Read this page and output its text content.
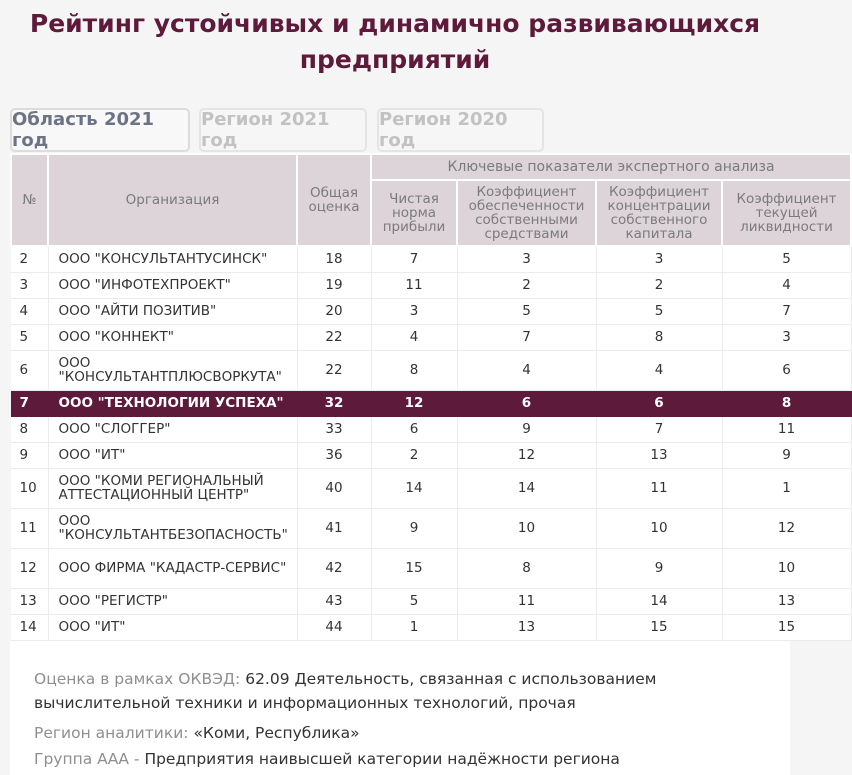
Рейтинг устойчивых и динамично развивающихся предприятий
Область 2021 год
Регион 2021 год
Регион 2020 год
№	Организация	Общая оценка	Ключевые показатели экспертного анализа			
			Чистая норма прибыли	Коэффициент обеспеченности собственными средствами	Коэффициент концентрации собственного капитала	Коэффициент текущей ликвидности
2	ООО "КОНСУЛЬТАНТУСИНСК"	18	7	3	3	5
3	ООО "ИНФОТЕХПРОЕКТ"	19	11	2	2	4
4	ООО "АЙТИ ПОЗИТИВ"	20	3	5	5	7
5	ООО "КОННЕКТ"	22	4	7	8	3
6	ООО "КОНСУЛЬТАНТПЛЮСВОРКУТА"	22	8	4	4	6
7	ООО "ТЕХНОЛОГИИ УСПЕХА"	32	12	6	6	8
8	ООО "СЛОГГЕР"	33	6	9	7	11
9	ООО "ИТ"	36	2	12	13	9
10	ООО "КОМИ РЕГИОНАЛЬНЫЙ АТТЕСТАЦИОННЫЙ ЦЕНТР"	40	14	14	11	1
11	ООО "КОНСУЛЬТАНТБЕЗОПАСНОСТЬ"	41	9	10	10	12
12	ООО ФИРМА "КАДАСТР-СЕРВИС"	42	15	8	9	10
13	ООО "РЕГИСТР"	43	5	11	14	13
14	ООО "ИТ"	44	1	13	15	15

Оценка в рамках ОКВЭД: 62.09 Деятельность, связанная с использованием вычислительной техники и информационных технологий, прочая

Регион аналитики: «Коми, Республика»

Группа ААА - Предприятия наивысшей категории надёжности региона
